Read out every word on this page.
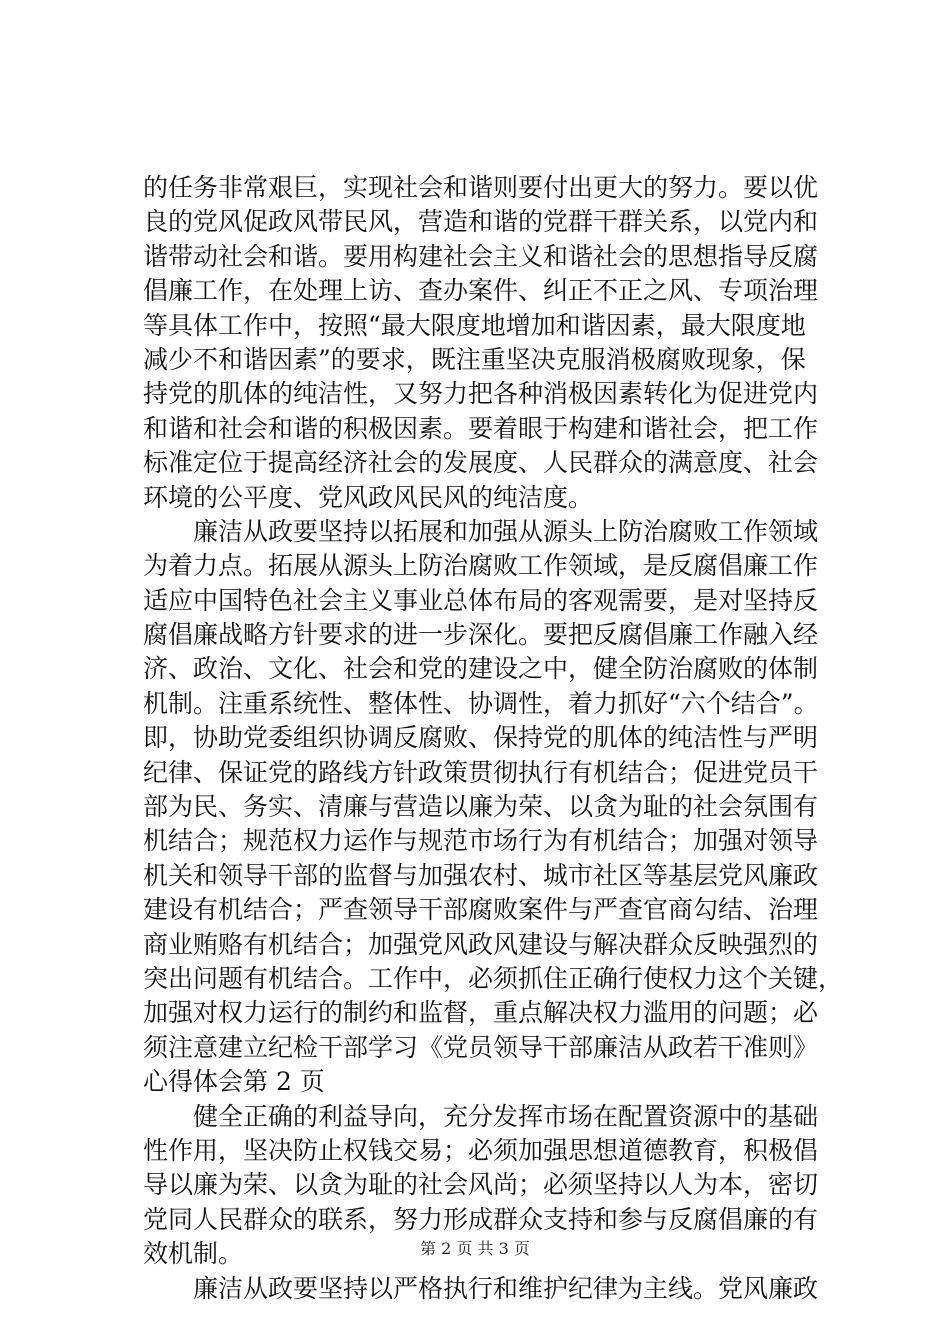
的任务非常艰巨，实现社会和谐则要付出更大的努力。要以优
良的党风促政风带民风，营造和谐的党群干群关系，以党内和
谐带动社会和谐。要用构建社会主义和谐社会的思想指导反腐
倡廉工作，在处理上访、查办案件、纠正不正之风、专项治理
等具体工作中，按照“最大限度地增加和谐因素，最大限度地
减少不和谐因素”的要求，既注重坚决克服消极腐败现象，保
持党的肌体的纯洁性，又努力把各种消极因素转化为促进党内
和谐和社会和谐的积极因素。要着眼于构建和谐社会，把工作
标准定位于提高经济社会的发展度、人民群众的满意度、社会
环境的公平度、党风政风民风的纯洁度。
　　廉洁从政要坚持以拓展和加强从源头上防治腐败工作领域
为着力点。拓展从源头上防治腐败工作领域，是反腐倡廉工作
适应中国特色社会主义事业总体布局的客观需要，是对坚持反
腐倡廉战略方针要求的进一步深化。要把反腐倡廉工作融入经
济、政治、文化、社会和党的建设之中，健全防治腐败的体制
机制。注重系统性、整体性、协调性，着力抓好“六个结合”。
即，协助党委组织协调反腐败、保持党的肌体的纯洁性与严明
纪律、保证党的路线方针政策贯彻执行有机结合；促进党员干
部为民、务实、清廉与营造以廉为荣、以贪为耻的社会氛围有
机结合；规范权力运作与规范市场行为有机结合；加强对领导
机关和领导干部的监督与加强农村、城市社区等基层党风廉政
建设有机结合；严查领导干部腐败案件与严查官商勾结、治理
商业贿赂有机结合；加强党风政风建设与解决群众反映强烈的
突出问题有机结合。工作中，必须抓住正确行使权力这个关键，
加强对权力运行的制约和监督，重点解决权力滥用的问题；必
须注意建立纪检干部学习《党员领导干部廉洁从政若干准则》
心得体会第 2 页
　　健全正确的利益导向，充分发挥市场在配置资源中的基础
性作用，坚决防止权钱交易；必须加强思想道德教育，积极倡
导以廉为荣、以贪为耻的社会风尚；必须坚持以人为本，密切
党同人民群众的联系，努力形成群众支持和参与反腐倡廉的有
效机制。
　　廉洁从政要坚持以严格执行和维护纪律为主线。党风廉政
第 2 页 共 3 页
